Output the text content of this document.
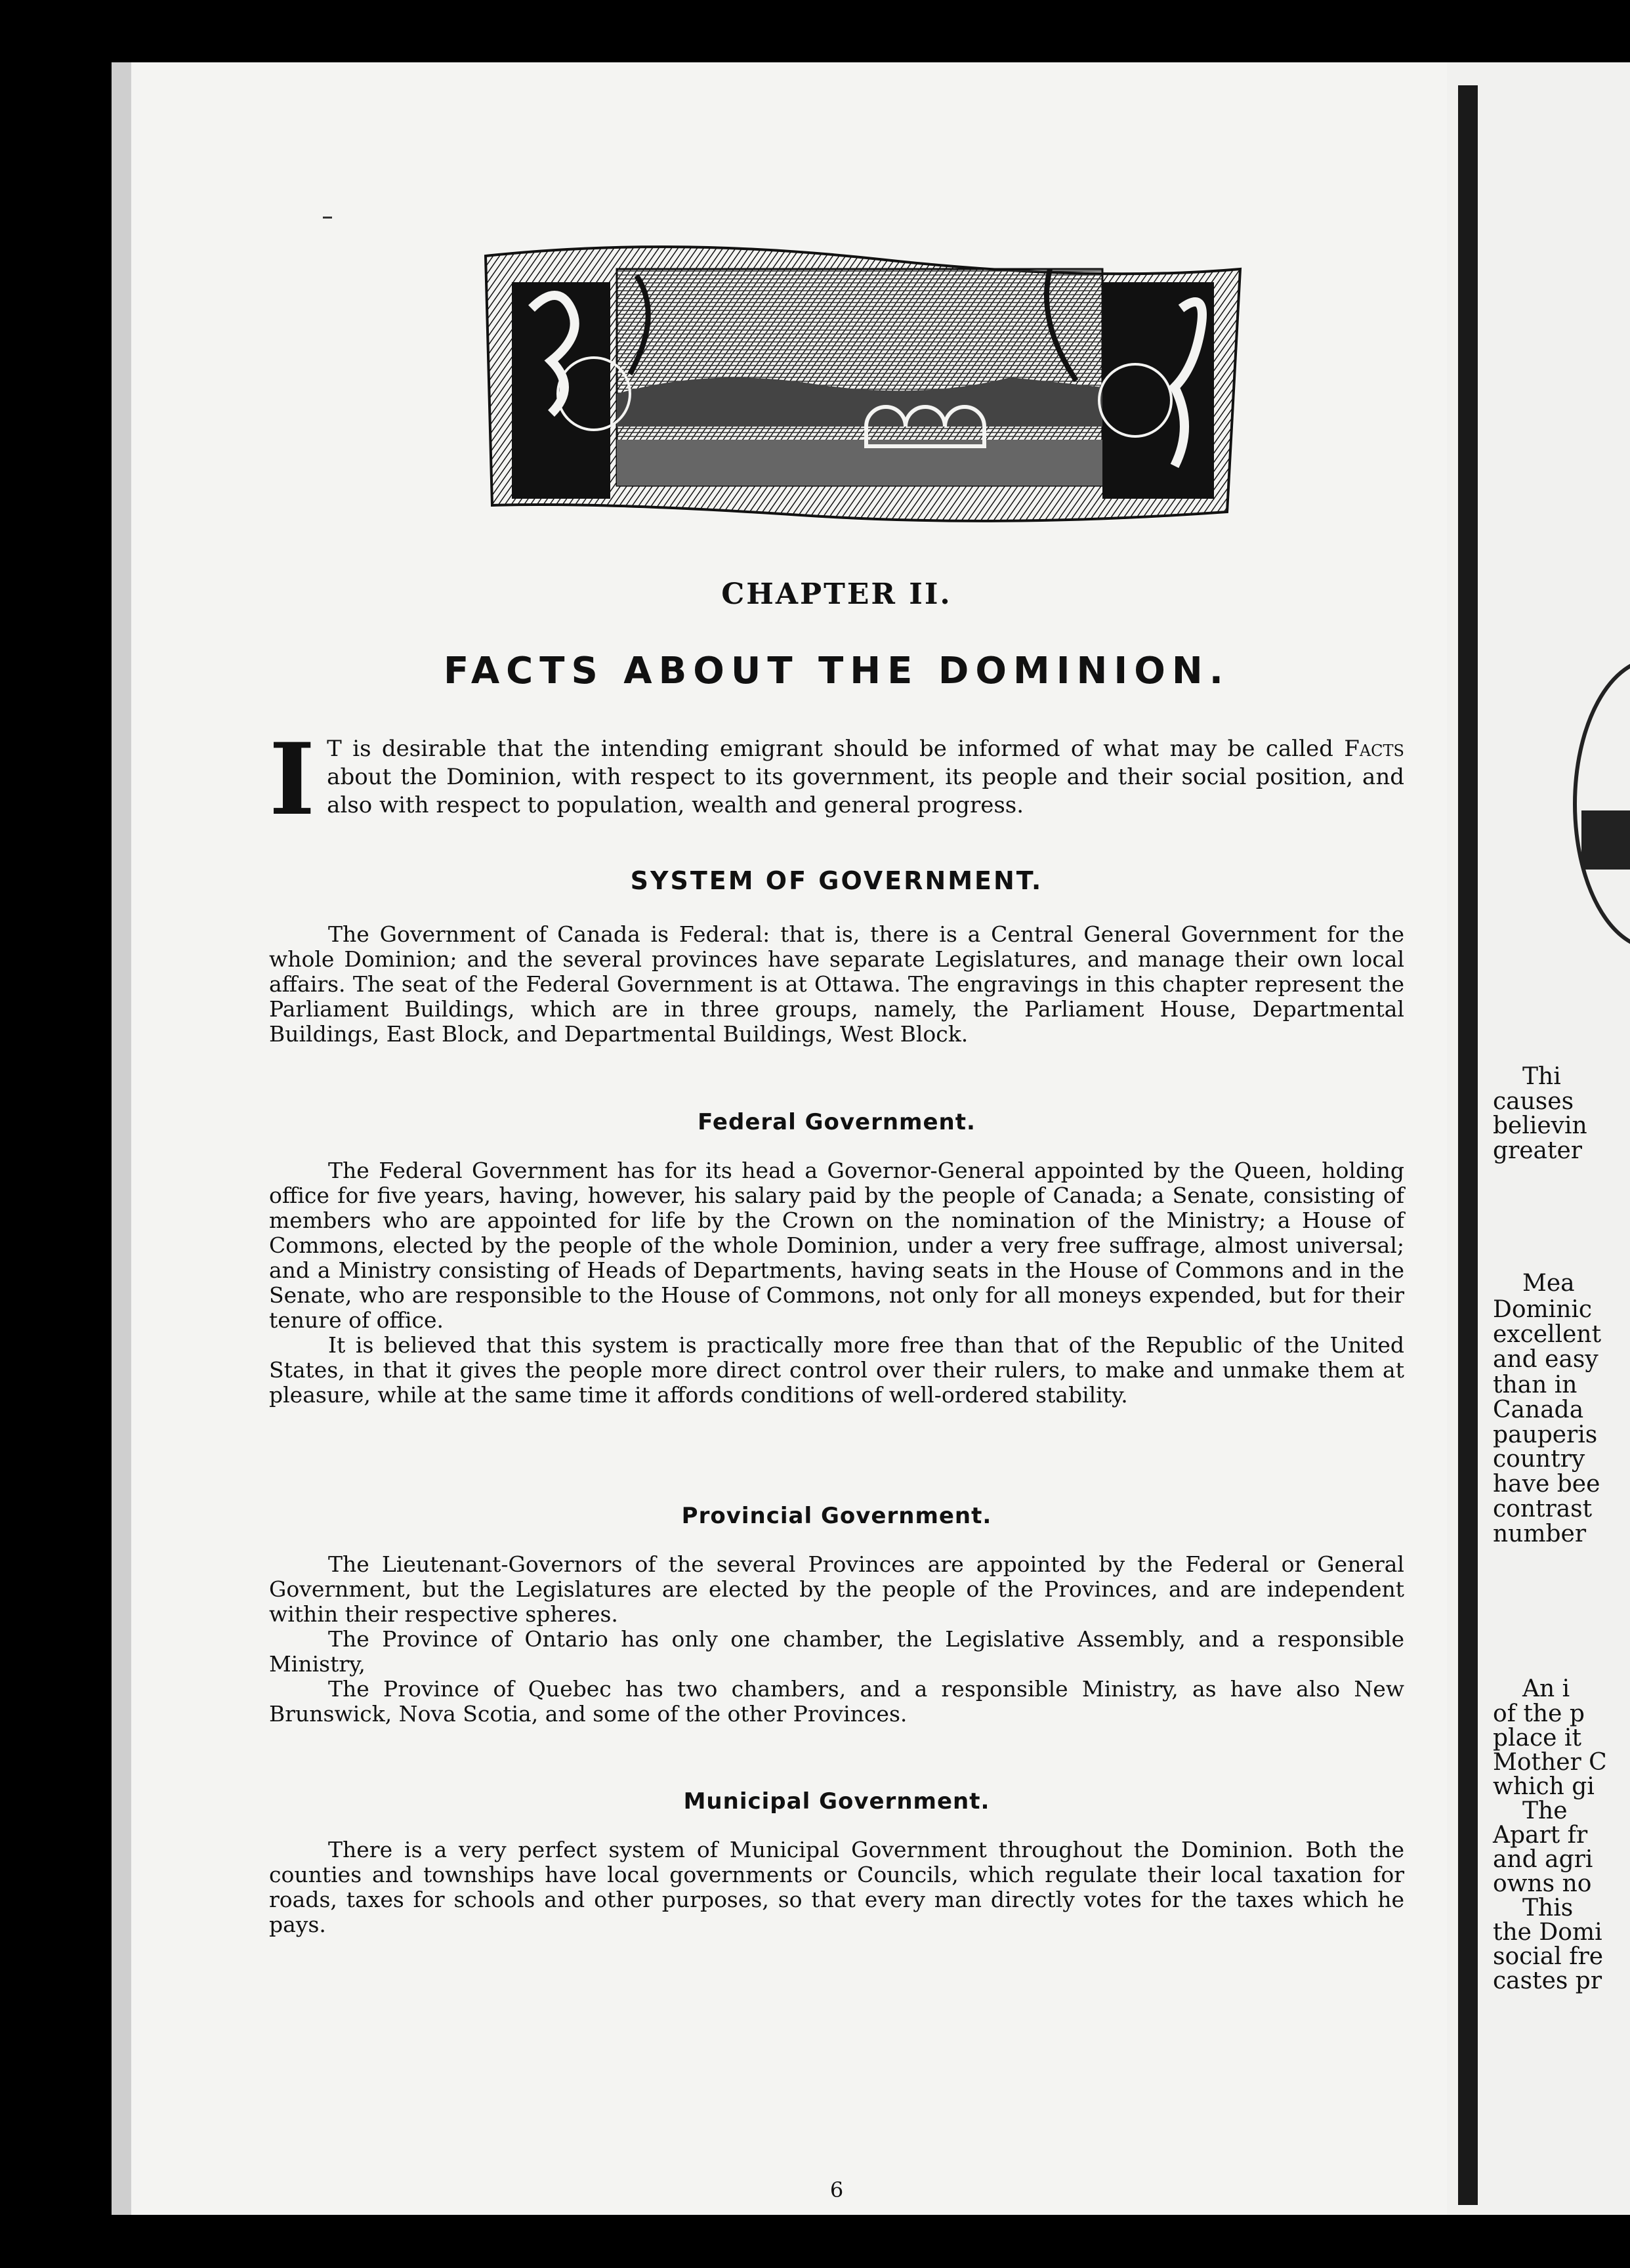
Thi
causes
believin
greater
Mea
Dominic
excellent
and easy
than in
Canada
pauperis
country
have bee
contrast
number
An i
of the p
place it
Mother C
which gi
The
Apart fr
and agri
owns no
This
the Domi
social fre
castes pr
CHAPTER II.
FACTS ABOUT THE DOMINION.
I T is desirable that the intending emigrant should be informed of what may be called Facts about the Dominion, with respect to its government, its people and their social position, and also with respect to population, wealth and general progress.
SYSTEM OF GOVERNMENT.

The Government of Canada is Federal: that is, there is a Central General Government for the whole Dominion; and the several provinces have separate Legislatures, and manage their own local affairs. The seat of the Federal Government is at Ottawa. The engravings in this chapter represent the Parliament Buildings, which are in three groups, namely, the Parliament House, Departmental Buildings, East Block, and Departmental Buildings, West Block.

Federal Government.

The Federal Government has for its head a Governor-General appointed by the Queen, holding office for five years, having, however, his salary paid by the people of Canada; a Senate, consisting of members who are appointed for life by the Crown on the nomination of the Ministry; a House of Commons, elected by the people of the whole Dominion, under a very free suffrage, almost universal; and a Ministry consisting of Heads of Departments, having seats in the House of Commons and in the Senate, who are responsible to the House of Commons, not only for all moneys expended, but for their tenure of office.

It is believed that this system is practically more free than that of the Republic of the United States, in that it gives the people more direct control over their rulers, to make and unmake them at pleasure, while at the same time it affords conditions of well-ordered stability.

Provincial Government.

The Lieutenant-Governors of the several Provinces are appointed by the Federal or General Government, but the Legislatures are elected by the people of the Provinces, and are independent within their respective spheres.

The Province of Ontario has only one chamber, the Legislative Assembly, and a responsible Ministry,

The Province of Quebec has two chambers, and a responsible Ministry, as have also New Brunswick, Nova Scotia, and some of the other Provinces.

Municipal Government.

There is a very perfect system of Municipal Government throughout the Dominion. Both the counties and townships have local governments or Councils, which regulate their local taxation for roads, taxes for schools and other purposes, so that every man directly votes for the taxes which he pays.

6
